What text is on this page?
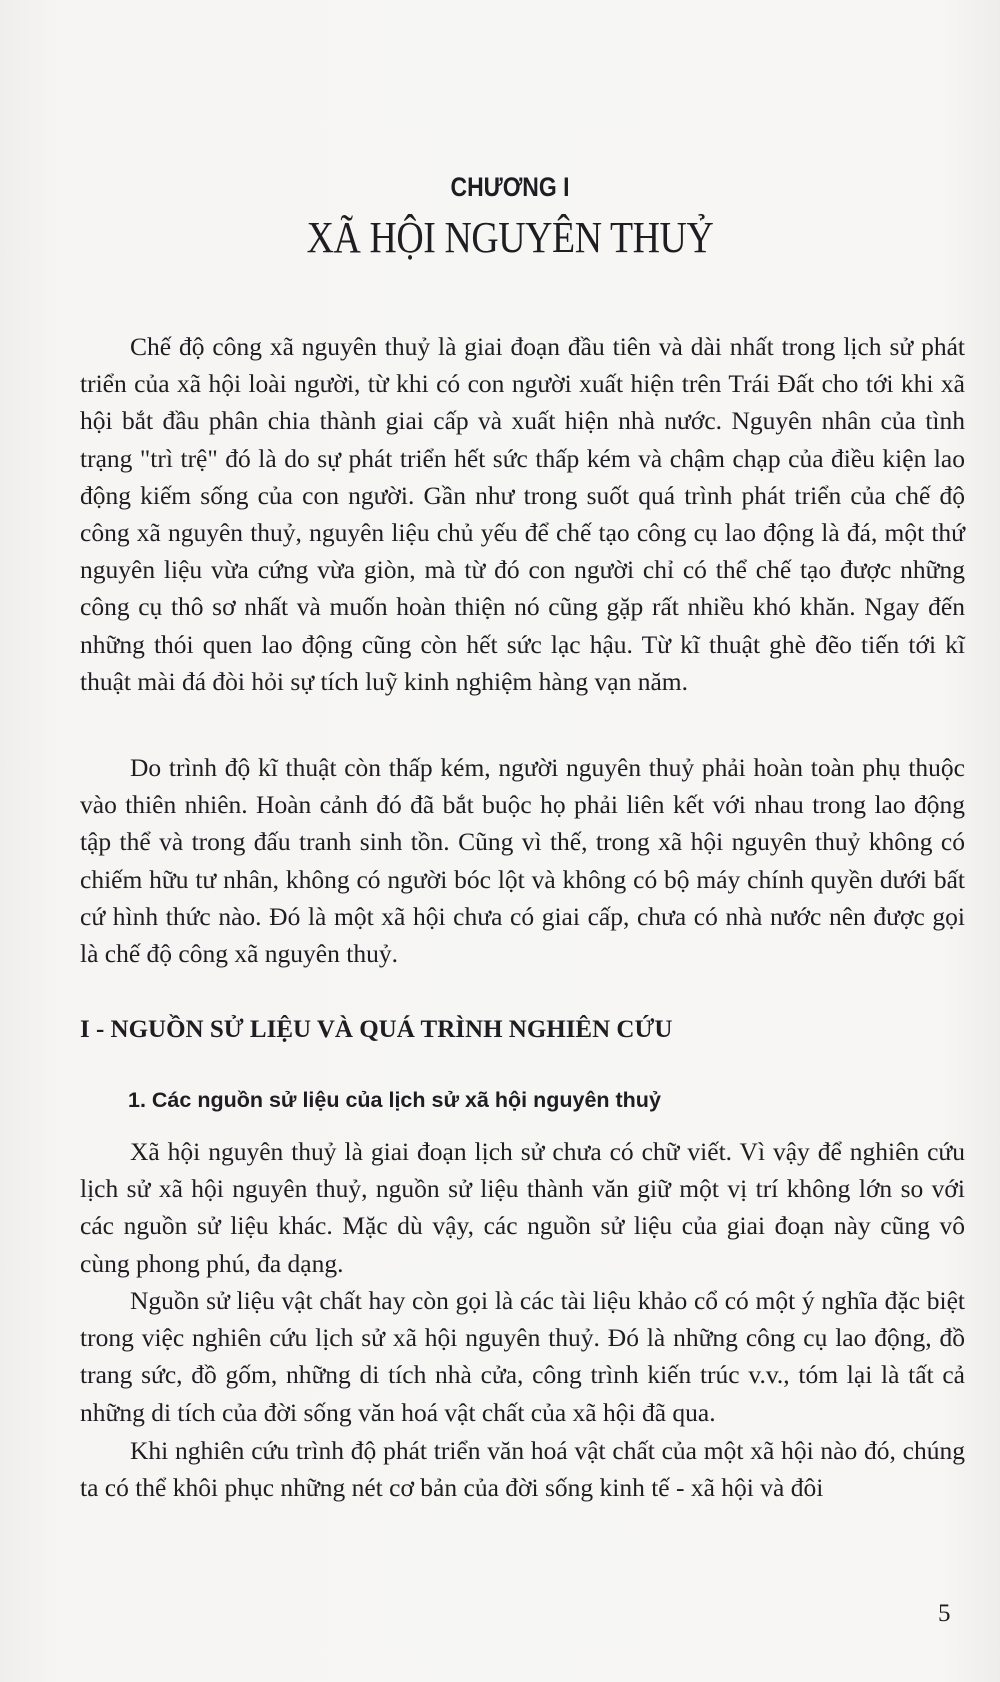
CHƯƠNG I
XÃ HỘI NGUYÊN THUỶ

Chế độ công xã nguyên thuỷ là giai đoạn đầu tiên và dài nhất trong lịch sử phát triển của xã hội loài người, từ khi có con người xuất hiện trên Trái Đất cho tới khi xã hội bắt đầu phân chia thành giai cấp và xuất hiện nhà nước. Nguyên nhân của tình trạng "trì trệ" đó là do sự phát triển hết sức thấp kém và chậm chạp của điều kiện lao động kiếm sống của con người. Gần như trong suốt quá trình phát triển của chế độ công xã nguyên thuỷ, nguyên liệu chủ yếu để chế tạo công cụ lao động là đá, một thứ nguyên liệu vừa cứng vừa giòn, mà từ đó con người chỉ có thể chế tạo được những công cụ thô sơ nhất và muốn hoàn thiện nó cũng gặp rất nhiều khó khăn. Ngay đến những thói quen lao động cũng còn hết sức lạc hậu. Từ kĩ thuật ghè đẽo tiến tới kĩ thuật mài đá đòi hỏi sự tích luỹ kinh nghiệm hàng vạn năm.

Do trình độ kĩ thuật còn thấp kém, người nguyên thuỷ phải hoàn toàn phụ thuộc vào thiên nhiên. Hoàn cảnh đó đã bắt buộc họ phải liên kết với nhau trong lao động tập thể và trong đấu tranh sinh tồn. Cũng vì thế, trong xã hội nguyên thuỷ không có chiếm hữu tư nhân, không có người bóc lột và không có bộ máy chính quyền dưới bất cứ hình thức nào. Đó là một xã hội chưa có giai cấp, chưa có nhà nước nên được gọi là chế độ công xã nguyên thuỷ.

I - NGUỒN SỬ LIỆU VÀ QUÁ TRÌNH NGHIÊN CỨU
1. Các nguồn sử liệu của lịch sử xã hội nguyên thuỷ

Xã hội nguyên thuỷ là giai đoạn lịch sử chưa có chữ viết. Vì vậy để nghiên cứu lịch sử xã hội nguyên thuỷ, nguồn sử liệu thành văn giữ một vị trí không lớn so với các nguồn sử liệu khác. Mặc dù vậy, các nguồn sử liệu của giai đoạn này cũng vô cùng phong phú, đa dạng.

Nguồn sử liệu vật chất hay còn gọi là các tài liệu khảo cổ có một ý nghĩa đặc biệt trong việc nghiên cứu lịch sử xã hội nguyên thuỷ. Đó là những công cụ lao động, đồ trang sức, đồ gốm, những di tích nhà cửa, công trình kiến trúc v.v., tóm lại là tất cả những di tích của đời sống văn hoá vật chất của xã hội đã qua.

Khi nghiên cứu trình độ phát triển văn hoá vật chất của một xã hội nào đó, chúng ta có thể khôi phục những nét cơ bản của đời sống kinh tế - xã hội và đôi

5
